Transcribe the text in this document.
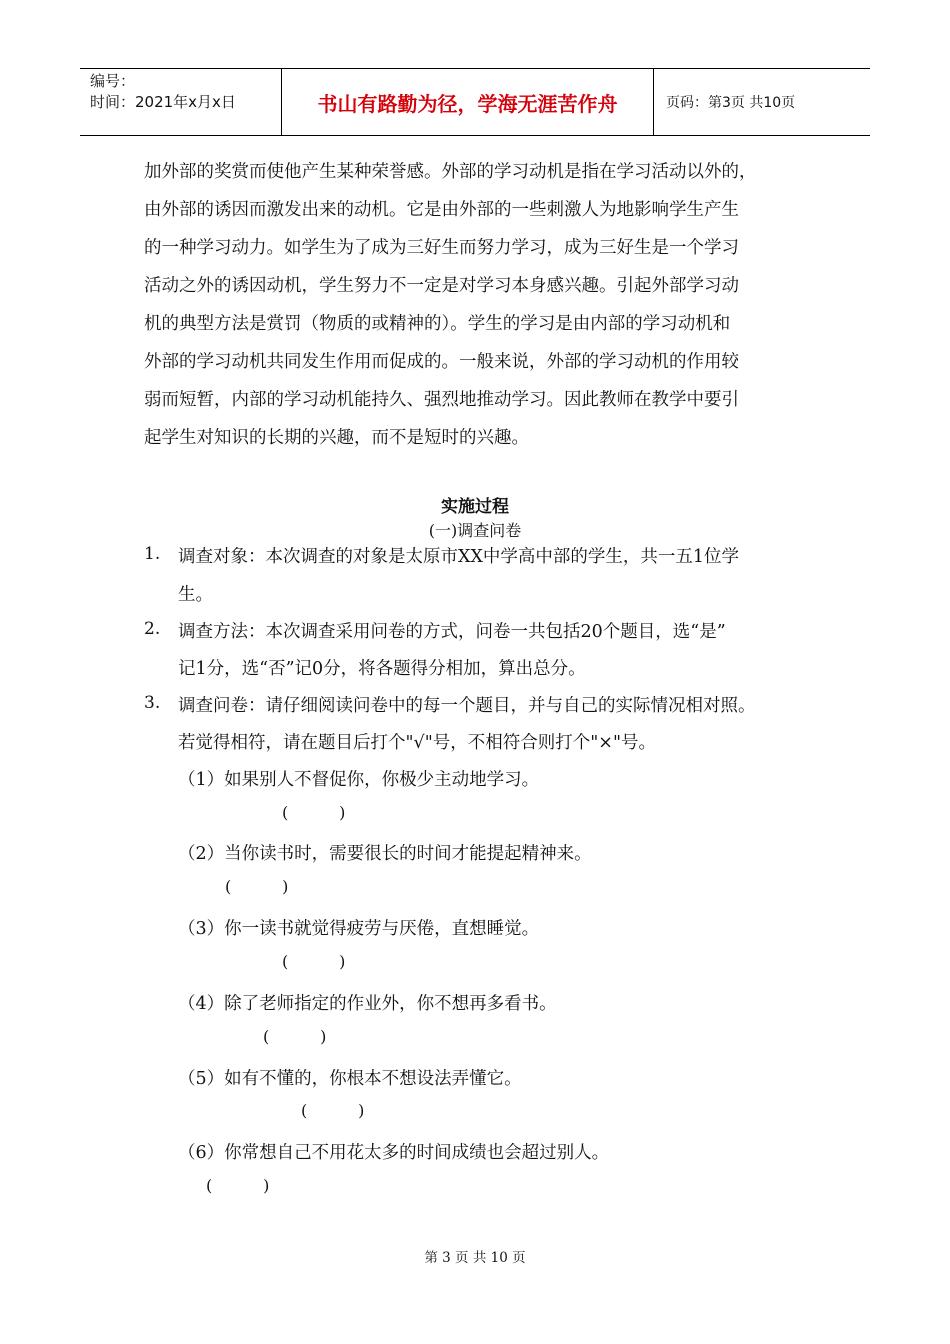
编号：
时间：2021年x月x日	书山有路勤为径，学海无涯苦作舟	页码：第3页 共10页

加外部的奖赏而使他产生某种荣誉感。外部的学习动机是指在学习活动以外的，
由外部的诱因而激发出来的动机。它是由外部的一些刺激人为地影响学生产生
的一种学习动力。如学生为了成为三好生而努力学习，成为三好生是一个学习
活动之外的诱因动机，学生努力不一定是对学习本身感兴趣。引起外部学习动
机的典型方法是赏罚（物质的或精神的）。学生的学习是由内部的学习动机和
外部的学习动机共同发生作用而促成的。一般来说，外部的学习动机的作用较
弱而短暂，内部的学习动机能持久、强烈地推动学习。因此教师在教学中要引
起学生对知识的长期的兴趣，而不是短时的兴趣。

实施过程
(一)调查问卷
1. 调查对象：本次调查的对象是太原市XX中学高中部的学生，共一五1位学
生。
2. 调查方法：本次调查采用问卷的方式，问卷一共包括20个题目，选“是”
记1分，选“否”记0分，将各题得分相加，算出总分。
3. 调查问卷：请仔细阅读问卷中的每一个题目，并与自己的实际情况相对照。
若觉得相符，请在题目后打个"√"号，不相符合则打个"×"号。
（1）如果别人不督促你，你极少主动地学习。
(          )
（2）当你读书时，需要很长的时间才能提起精神来。
(          )
（3）你一读书就觉得疲劳与厌倦，直想睡觉。
(          )
（4）除了老师指定的作业外，你不想再多看书。
(          )
（5）如有不懂的，你根本不想设法弄懂它。
(          )
（6）你常想自己不用花太多的时间成绩也会超过别人。
(          )
第 3 页 共 10 页
